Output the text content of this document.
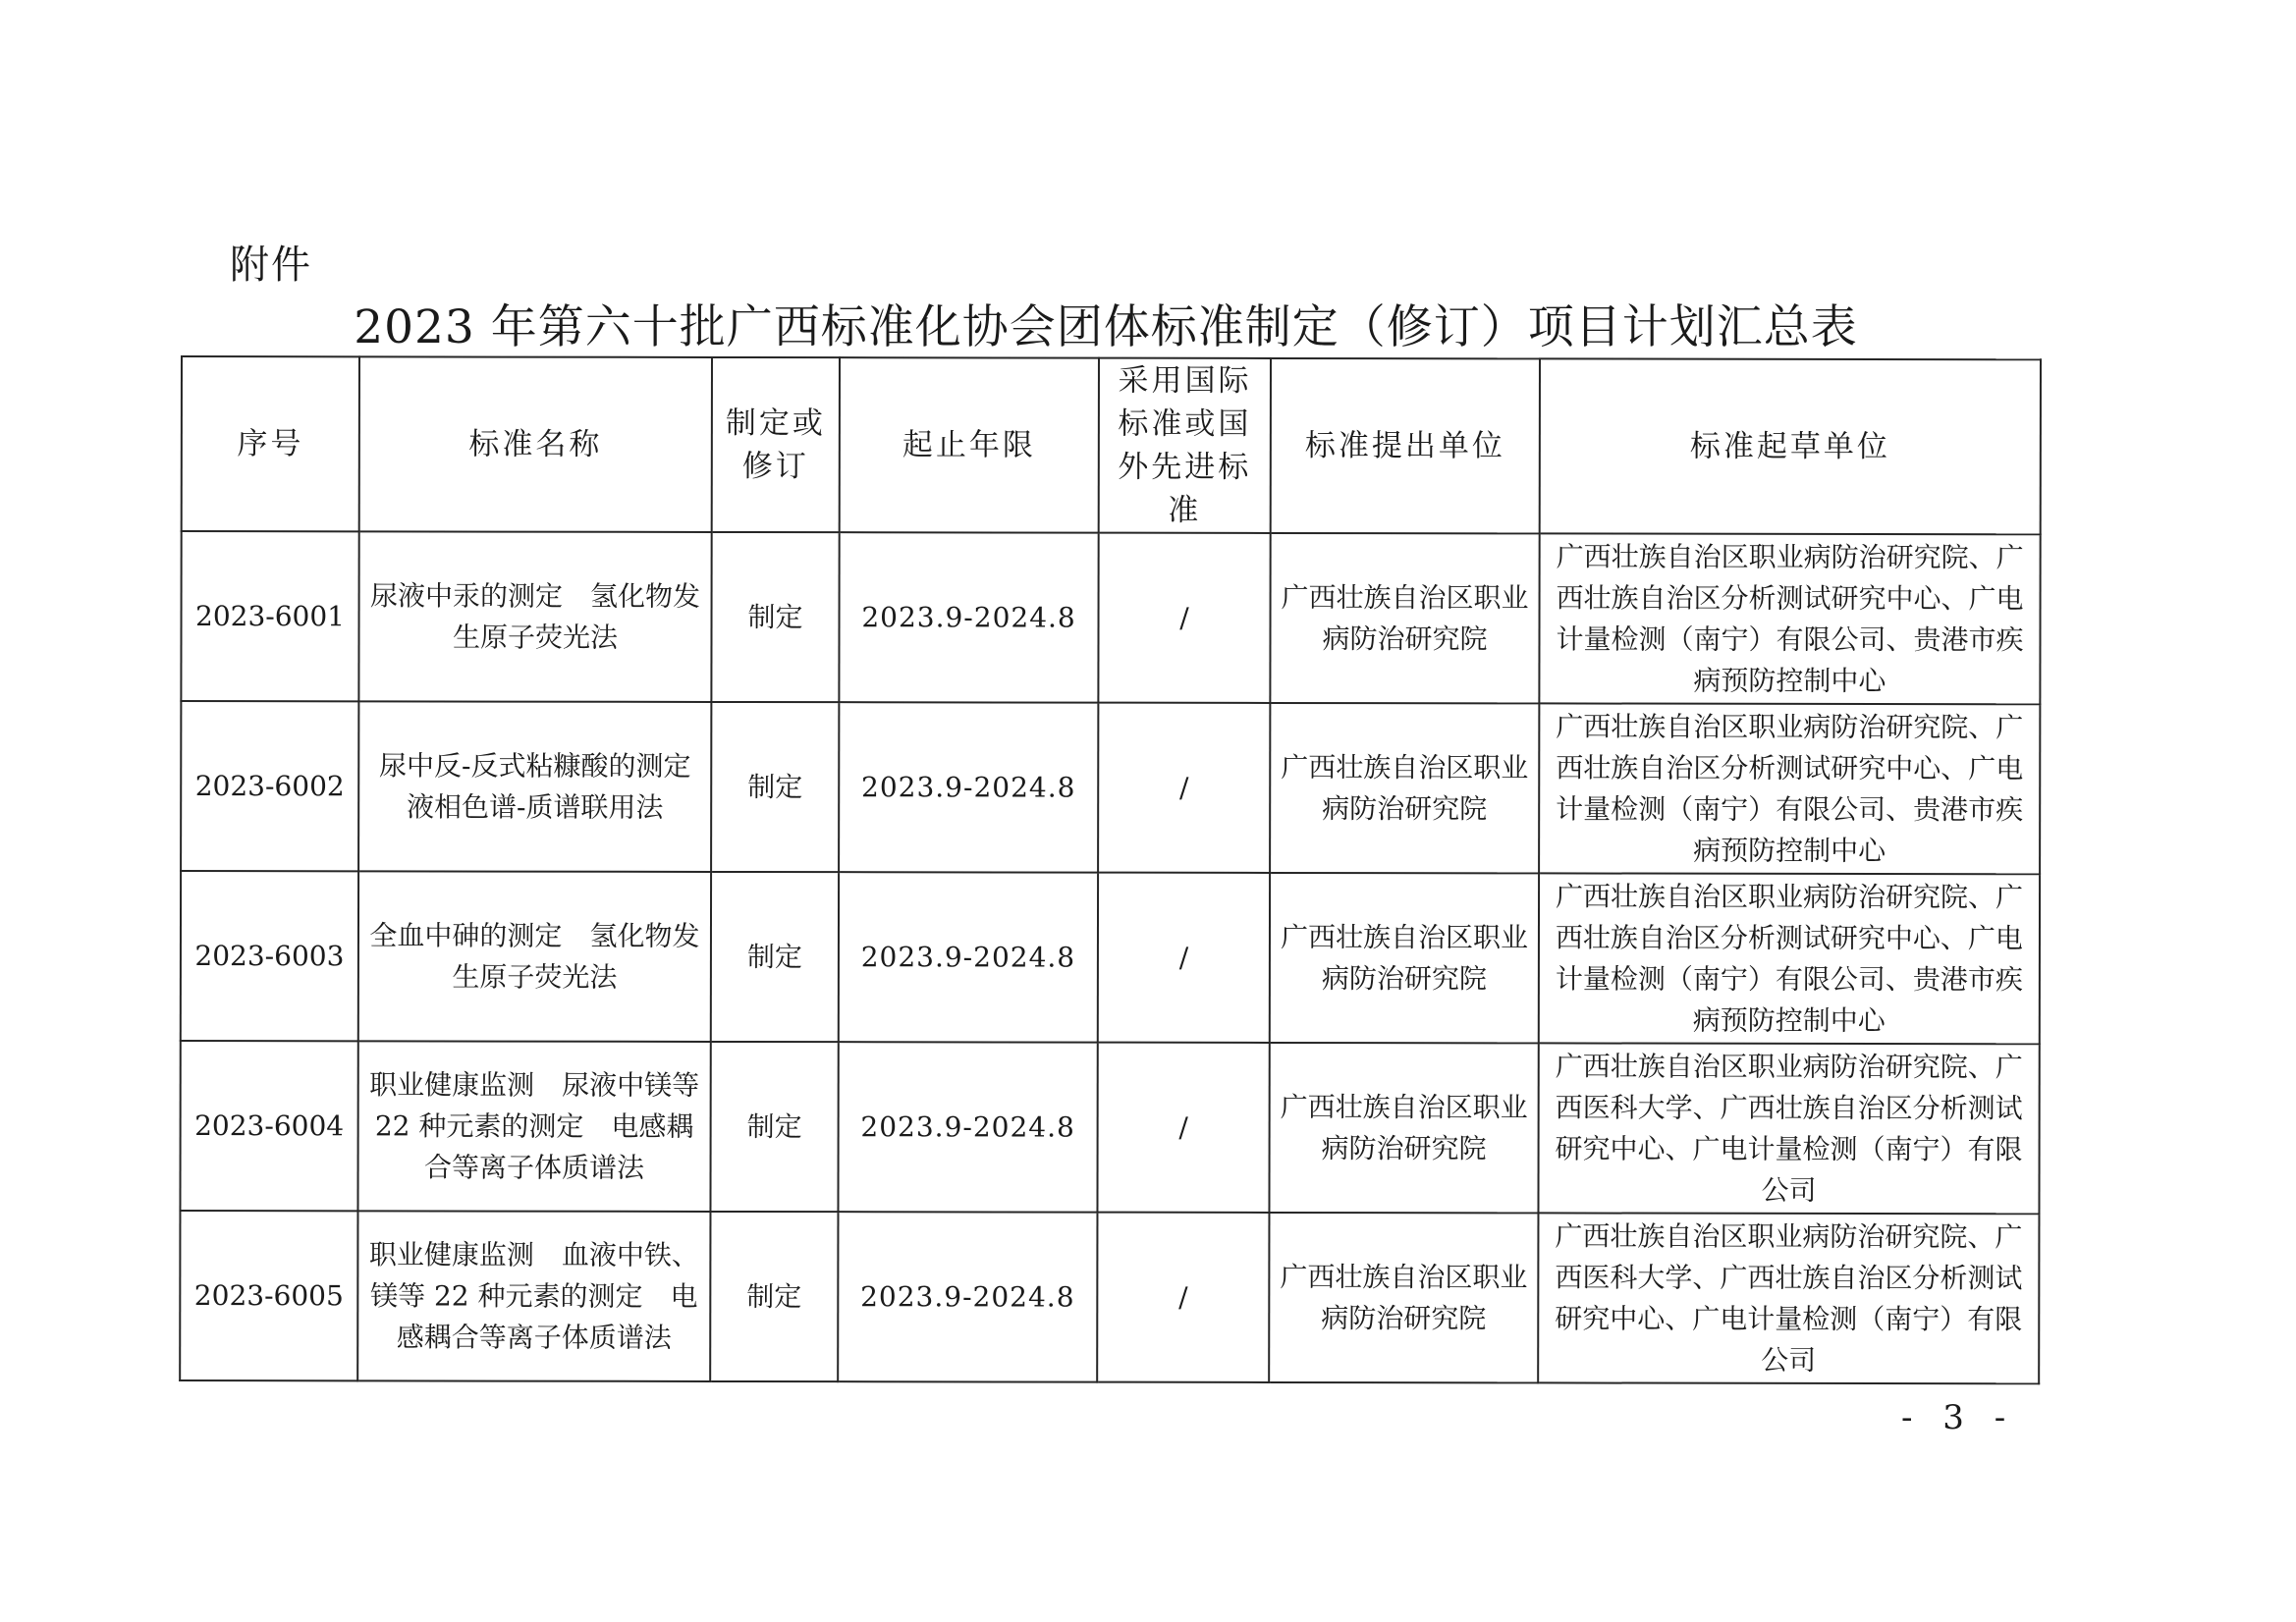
附件
2023 年第六十批广西标准化协会团体标准制定（修订）项目计划汇总表
序号	标准名称	制定或修订	起止年限	采用国际标准或国外先进标准	标准提出单位	标准起草单位
2023-6001	尿液中汞的测定　氢化物发生原子荧光法	制定	2023.9-2024.8	/	广西壮族自治区职业病防治研究院	广西壮族自治区职业病防治研究院、广西壮族自治区分析测试研究中心、广电计量检测（南宁）有限公司、贵港市疾病预防控制中心
2023-6002	尿中反-反式粘糠酸的测定　液相色谱-质谱联用法	制定	2023.9-2024.8	/	广西壮族自治区职业病防治研究院	广西壮族自治区职业病防治研究院、广西壮族自治区分析测试研究中心、广电计量检测（南宁）有限公司、贵港市疾病预防控制中心
2023-6003	全血中砷的测定　氢化物发生原子荧光法	制定	2023.9-2024.8	/	广西壮族自治区职业病防治研究院	广西壮族自治区职业病防治研究院、广西壮族自治区分析测试研究中心、广电计量检测（南宁）有限公司、贵港市疾病预防控制中心
2023-6004	职业健康监测　尿液中镁等 22 种元素的测定　电感耦合等离子体质谱法	制定	2023.9-2024.8	/	广西壮族自治区职业病防治研究院	广西壮族自治区职业病防治研究院、广西医科大学、广西壮族自治区分析测试研究中心、广电计量检测（南宁）有限公司
2023-6005	职业健康监测　血液中铁、镁等 22 种元素的测定　电感耦合等离子体质谱法	制定	2023.9-2024.8	/	广西壮族自治区职业病防治研究院	广西壮族自治区职业病防治研究院、广西医科大学、广西壮族自治区分析测试研究中心、广电计量检测（南宁）有限公司
- 3 -
